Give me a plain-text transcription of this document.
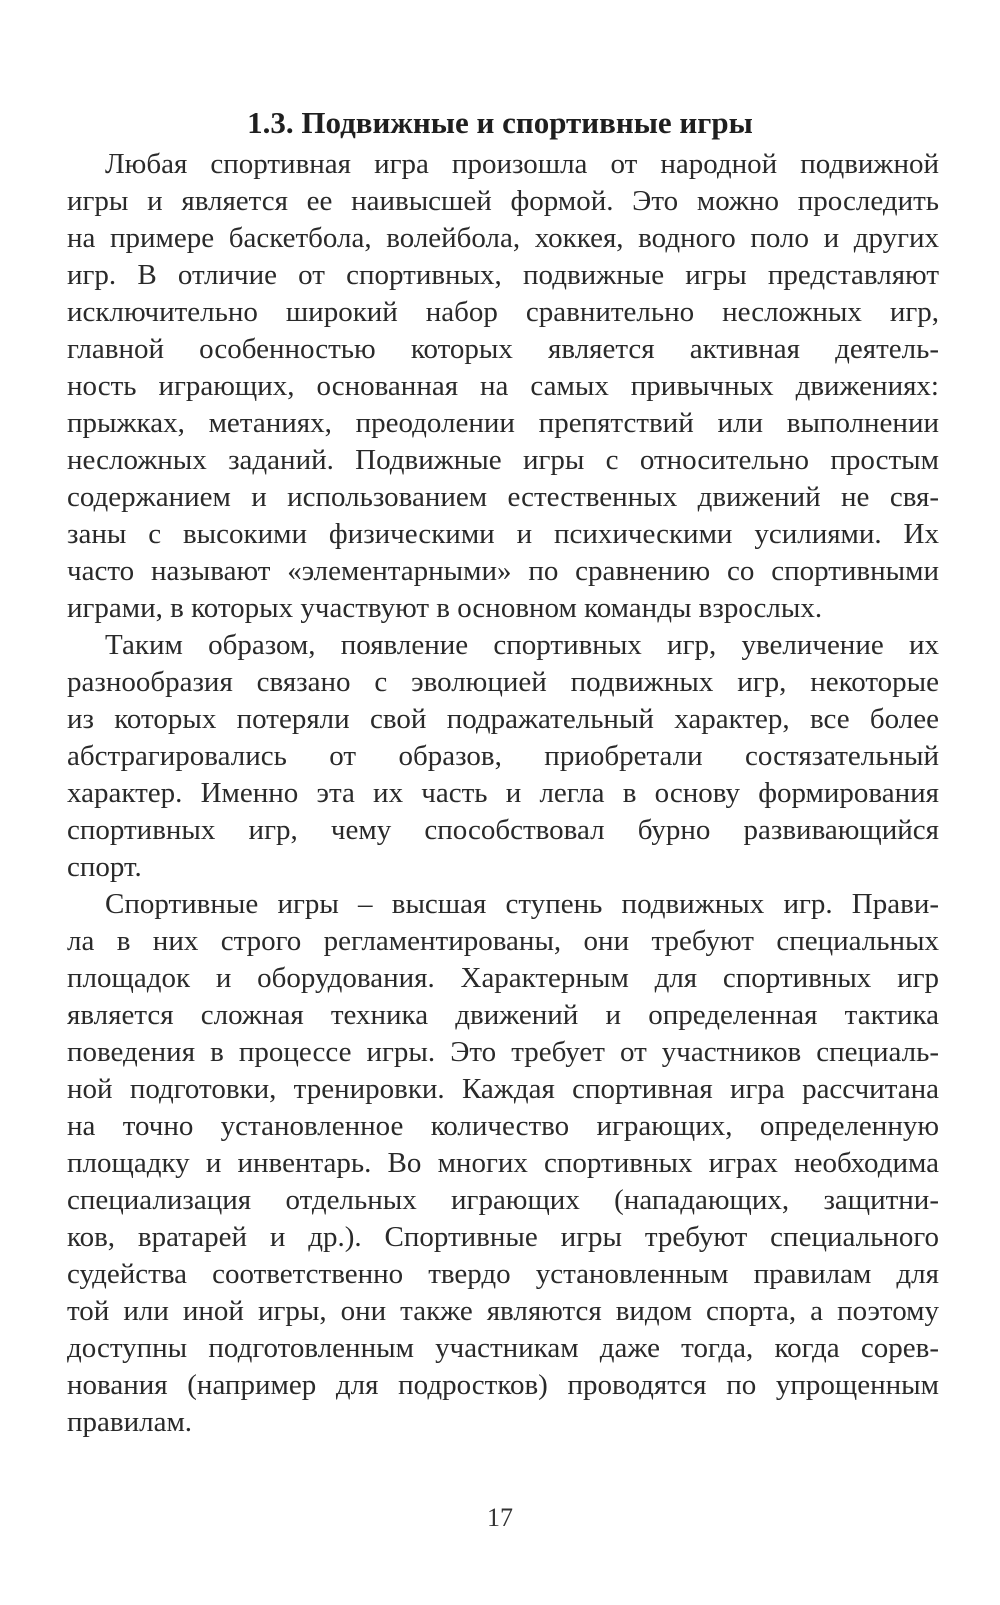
1.3. Подвижные и спортивные игры
Любая спортивная игра произошла от народной подвижной
игры и является ее наивысшей формой. Это можно проследить
на примере баскетбола, волейбола, хоккея, водного поло и других
игр. В отличие от спортивных, подвижные игры представляют
исключительно широкий набор сравнительно несложных игр,
главной особенностью которых является активная деятель-
ность играющих, основанная на самых привычных движениях:
прыжках, метаниях, преодолении препятствий или выполнении
несложных заданий. Подвижные игры с относительно простым
содержанием и использованием естественных движений не свя-
заны с высокими физическими и психическими усилиями. Их
часто называют «элементарными» по сравнению со спортивными
играми, в которых участвуют в основном команды взрослых.
Таким образом, появление спортивных игр, увеличение их
разнообразия связано с эволюцией подвижных игр, некоторые
из которых потеряли свой подражательный характер, все более
абстрагировались от образов, приобретали состязательный
характер. Именно эта их часть и легла в основу формирования
спортивных игр, чему способствовал бурно развивающийся
спорт.
Спортивные игры – высшая ступень подвижных игр. Прави-
ла в них строго регламентированы, они требуют специальных
площадок и оборудования. Характерным для спортивных игр
является сложная техника движений и определенная тактика
поведения в процессе игры. Это требует от участников специаль-
ной подготовки, тренировки. Каждая спортивная игра рассчитана
на точно установленное количество играющих, определенную
площадку и инвентарь. Во многих спортивных играх необходима
специализация отдельных играющих (нападающих, защитни-
ков, вратарей и др.). Спортивные игры требуют специального
судейства соответственно твердо установленным правилам для
той или иной игры, они также являются видом спорта, а поэтому
доступны подготовленным участникам даже тогда, когда сорев-
нования (например для подростков) проводятся по упрощенным
правилам.
17
